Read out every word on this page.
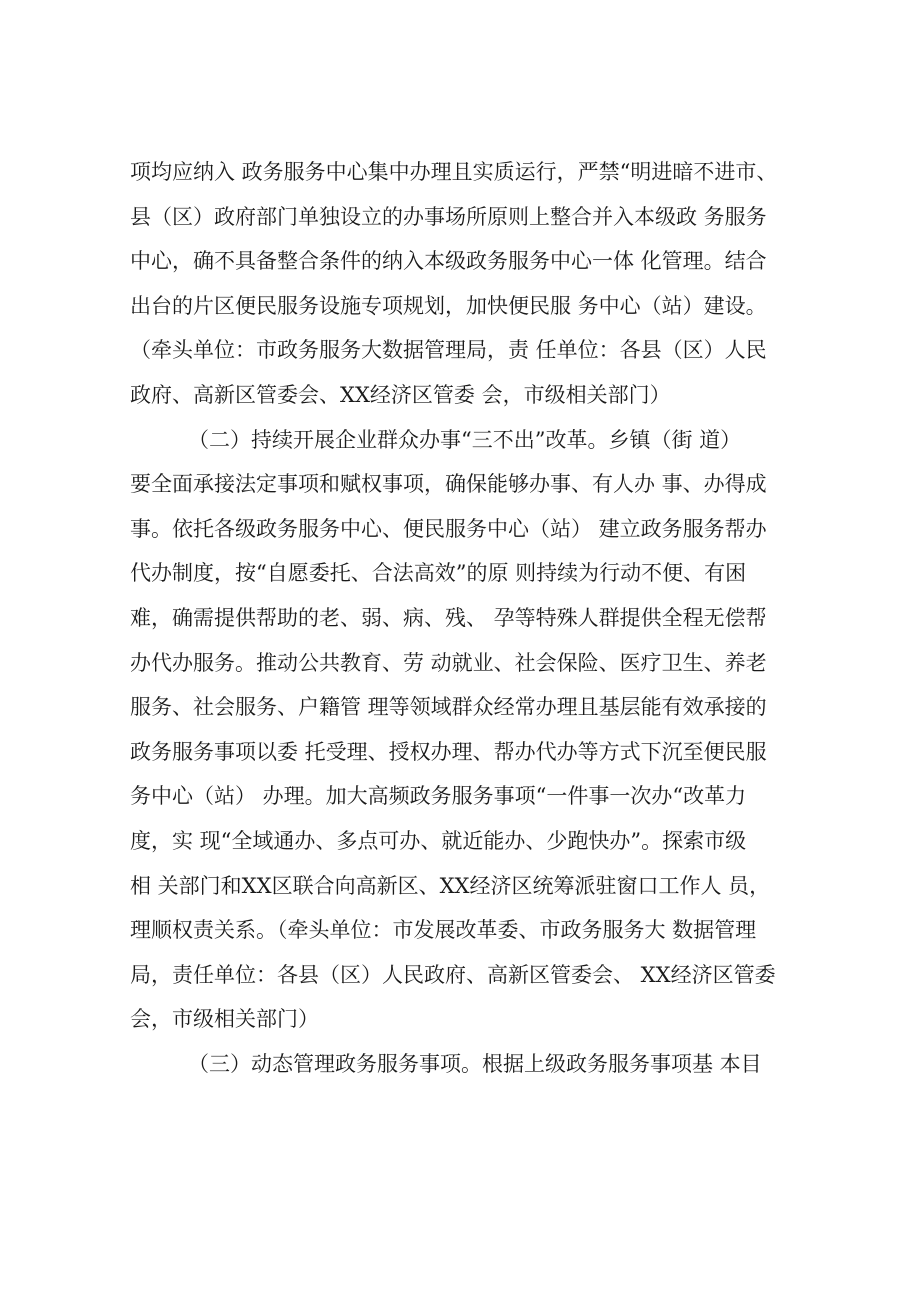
项均应纳入 政务服务中心集中办理且实质运行，严禁“明进暗不进市、
县（区）政府部门单独设立的办事场所原则上整合并入本级政 务服务
中心，确不具备整合条件的纳入本级政务服务中心一体 化管理。结合
出台的片区便民服务设施专项规划，加快便民服 务中心（站）建设。
（牵头单位：市政务服务大数据管理局，责 任单位：各县（区）人民
政府、高新区管委会、XX经济区管委 会，市级相关部门）
（二）持续开展企业群众办事“三不出”改革。乡镇（街 道）
要全面承接法定事项和赋权事项，确保能够办事、有人办 事、办得成
事。依托各级政务服务中心、便民服务中心（站） 建立政务服务帮办
代办制度，按“自愿委托、合法高效”的原 则持续为行动不便、有困
难，确需提供帮助的老、弱、病、残、 孕等特殊人群提供全程无偿帮
办代办服务。推动公共教育、劳 动就业、社会保险、医疗卫生、养老
服务、社会服务、户籍管 理等领域群众经常办理且基层能有效承接的
政务服务事项以委 托受理、授权办理、帮办代办等方式下沉至便民服
务中心（站） 办理。加大高频政务服务事项“一件事一次办“改革力
度，实 现“全域通办、多点可办、就近能办、少跑快办”。探索市级
相 关部门和XX区联合向高新区、XX经济区统筹派驻窗口工作人 员，
理顺权责关系。（牵头单位：市发展改革委、市政务服务大 数据管理
局，责任单位：各县（区）人民政府、高新区管委会、 XX经济区管委
会，市级相关部门）
（三）动态管理政务服务事项。根据上级政务服务事项基 本目
